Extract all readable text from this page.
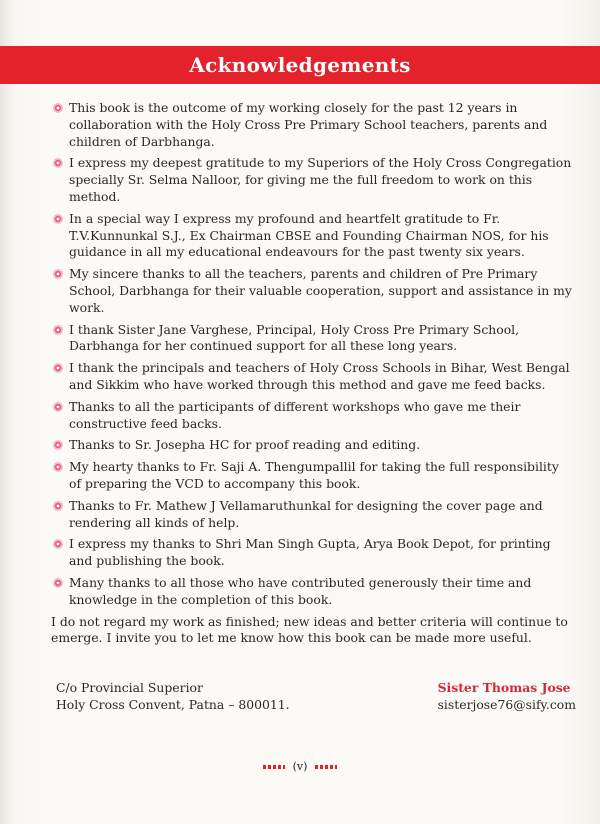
Acknowledgements
This book is the outcome of my working closely for the past 12 years in collaboration with the Holy Cross Pre Primary School teachers, parents and children of Darbhanga.
I express my deepest gratitude to my Superiors of the Holy Cross Congregation specially Sr. Selma Nalloor, for giving me the full freedom to work on this method.
In a special way I express my profound and heartfelt gratitude to Fr. T.V.Kunnunkal S.J., Ex Chairman CBSE and Founding Chairman NOS, for his guidance in all my educational endeavours for the past twenty six years.
My sincere thanks to all the teachers, parents and children of Pre Primary School, Darbhanga for their valuable cooperation, support and assistance in my work.
I thank Sister Jane Varghese, Principal, Holy Cross Pre Primary School, Darbhanga for her continued support for all these long years.
I thank the principals and teachers of Holy Cross Schools in Bihar, West Bengal and Sikkim who have worked through this method and gave me feed backs.
Thanks to all the participants of different workshops who gave me their constructive feed backs.
Thanks to Sr. Josepha HC for proof reading and editing.
My hearty thanks to Fr. Saji A. Thengumpallil for taking the full responsibility of preparing the VCD to accompany this book.
Thanks to Fr. Mathew J Vellamaruthunkal for designing the cover page and rendering all kinds of help.
I express my thanks to Shri Man Singh Gupta, Arya Book Depot, for printing and publishing the book.
Many thanks to all those who have contributed generously their time and knowledge in the completion of this book.

I do not regard my work as finished; new ideas and better criteria will continue to emerge. I invite you to let me know how this book can be made more useful.

C/o Provincial Superior
Holy Cross Convent, Patna – 800011.
Sister Thomas Jose
sisterjose76@sify.com
(v)
